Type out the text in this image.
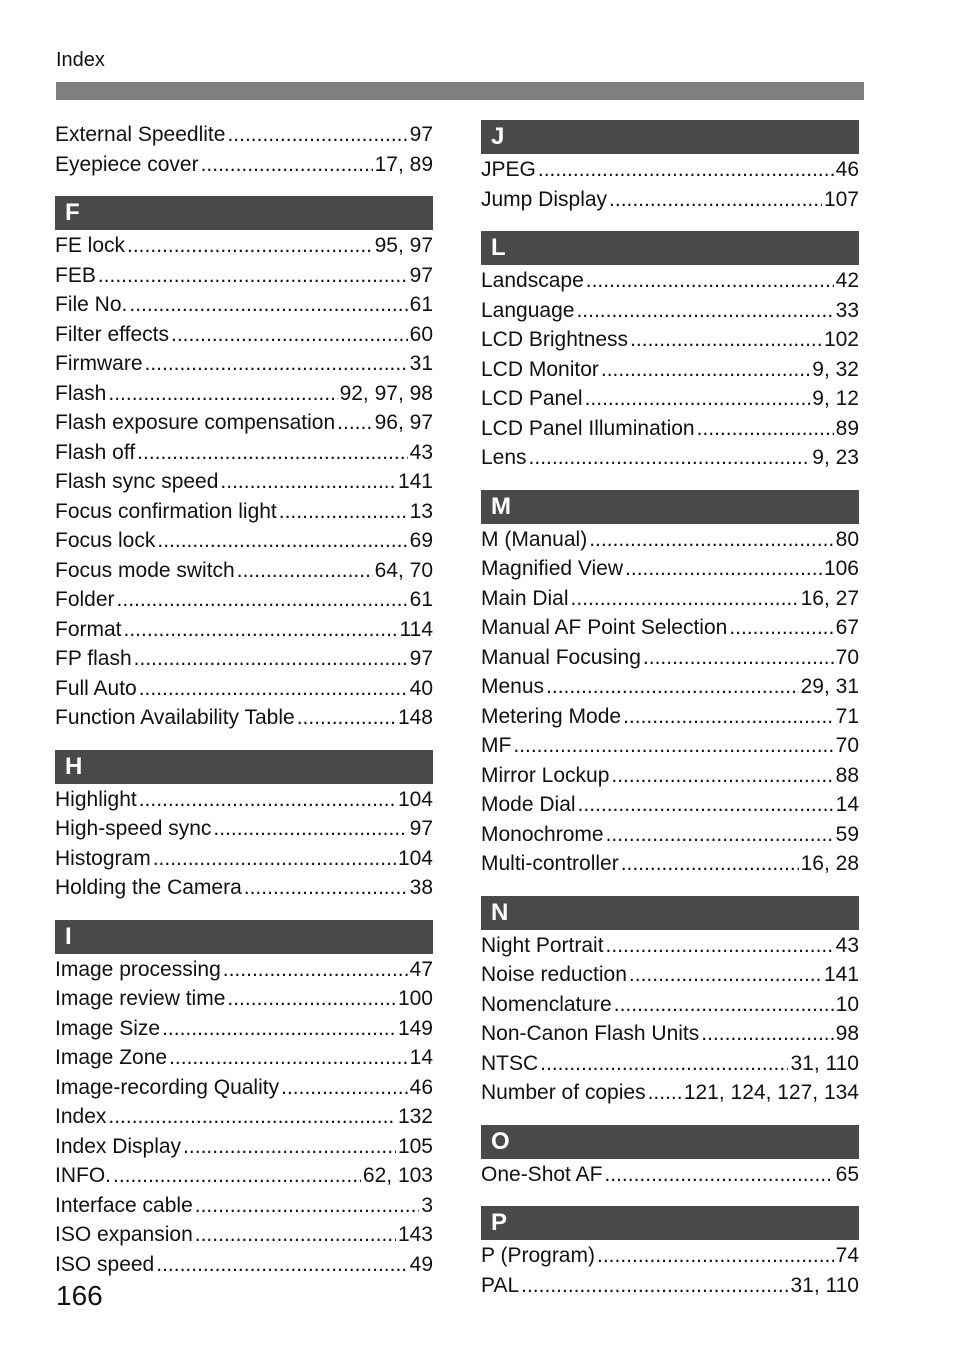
Index
External Speedlite .....	97
Eyepiece cover .....	17, 89
F
FE lock .....	95, 97
FEB .....	97
File No. .....	61
Filter effects .....	60
Firmware .....	31
Flash .....	92, 97, 98
Flash exposure compensation ..... 96, 97
Flash off .....	43
Flash sync speed .....	141
Focus confirmation light .....	13
Focus lock .....	69
Focus mode switch .....	64, 70
Folder .....	61
Format .....	114
FP flash .....	97
Full Auto .....	40
Function Availability Table .....	148
H
Highlight .....	104
High-speed sync .....	97
Histogram .....	104
Holding the Camera .....	38
I
Image processing .....	47
Image review time .....	100
Image Size .....	149
Image Zone .....	14
Image-recording Quality .....	46
Index .....	132
Index Display .....	105
INFO. .....	62, 103
Interface cable .....	3
ISO expansion .....	143
ISO speed .....	49
J
JPEG .....	46
Jump Display .....	107
L
Landscape .....	42
Language .....	33
LCD Brightness .....	102
LCD Monitor .....	9, 32
LCD Panel .....	9, 12
LCD Panel Illumination .....	89
Lens .....	9, 23
M
M (Manual) .....	80
Magnified View .....	106
Main Dial .....	16, 27
Manual AF Point Selection .....	67
Manual Focusing .....	70
Menus .....	29, 31
Metering Mode .....	71
MF .....	70
Mirror Lockup .....	88
Mode Dial .....	14
Monochrome .....	59
Multi-controller .....	16, 28
N
Night Portrait .....	43
Noise reduction .....	141
Nomenclature .....	10
Non-Canon Flash Units .....	98
NTSC .....	31, 110
Number of copies ..... 121, 124, 127, 134
O
One-Shot AF .....	65
P
P (Program) .....	74
PAL .....	31, 110
166
